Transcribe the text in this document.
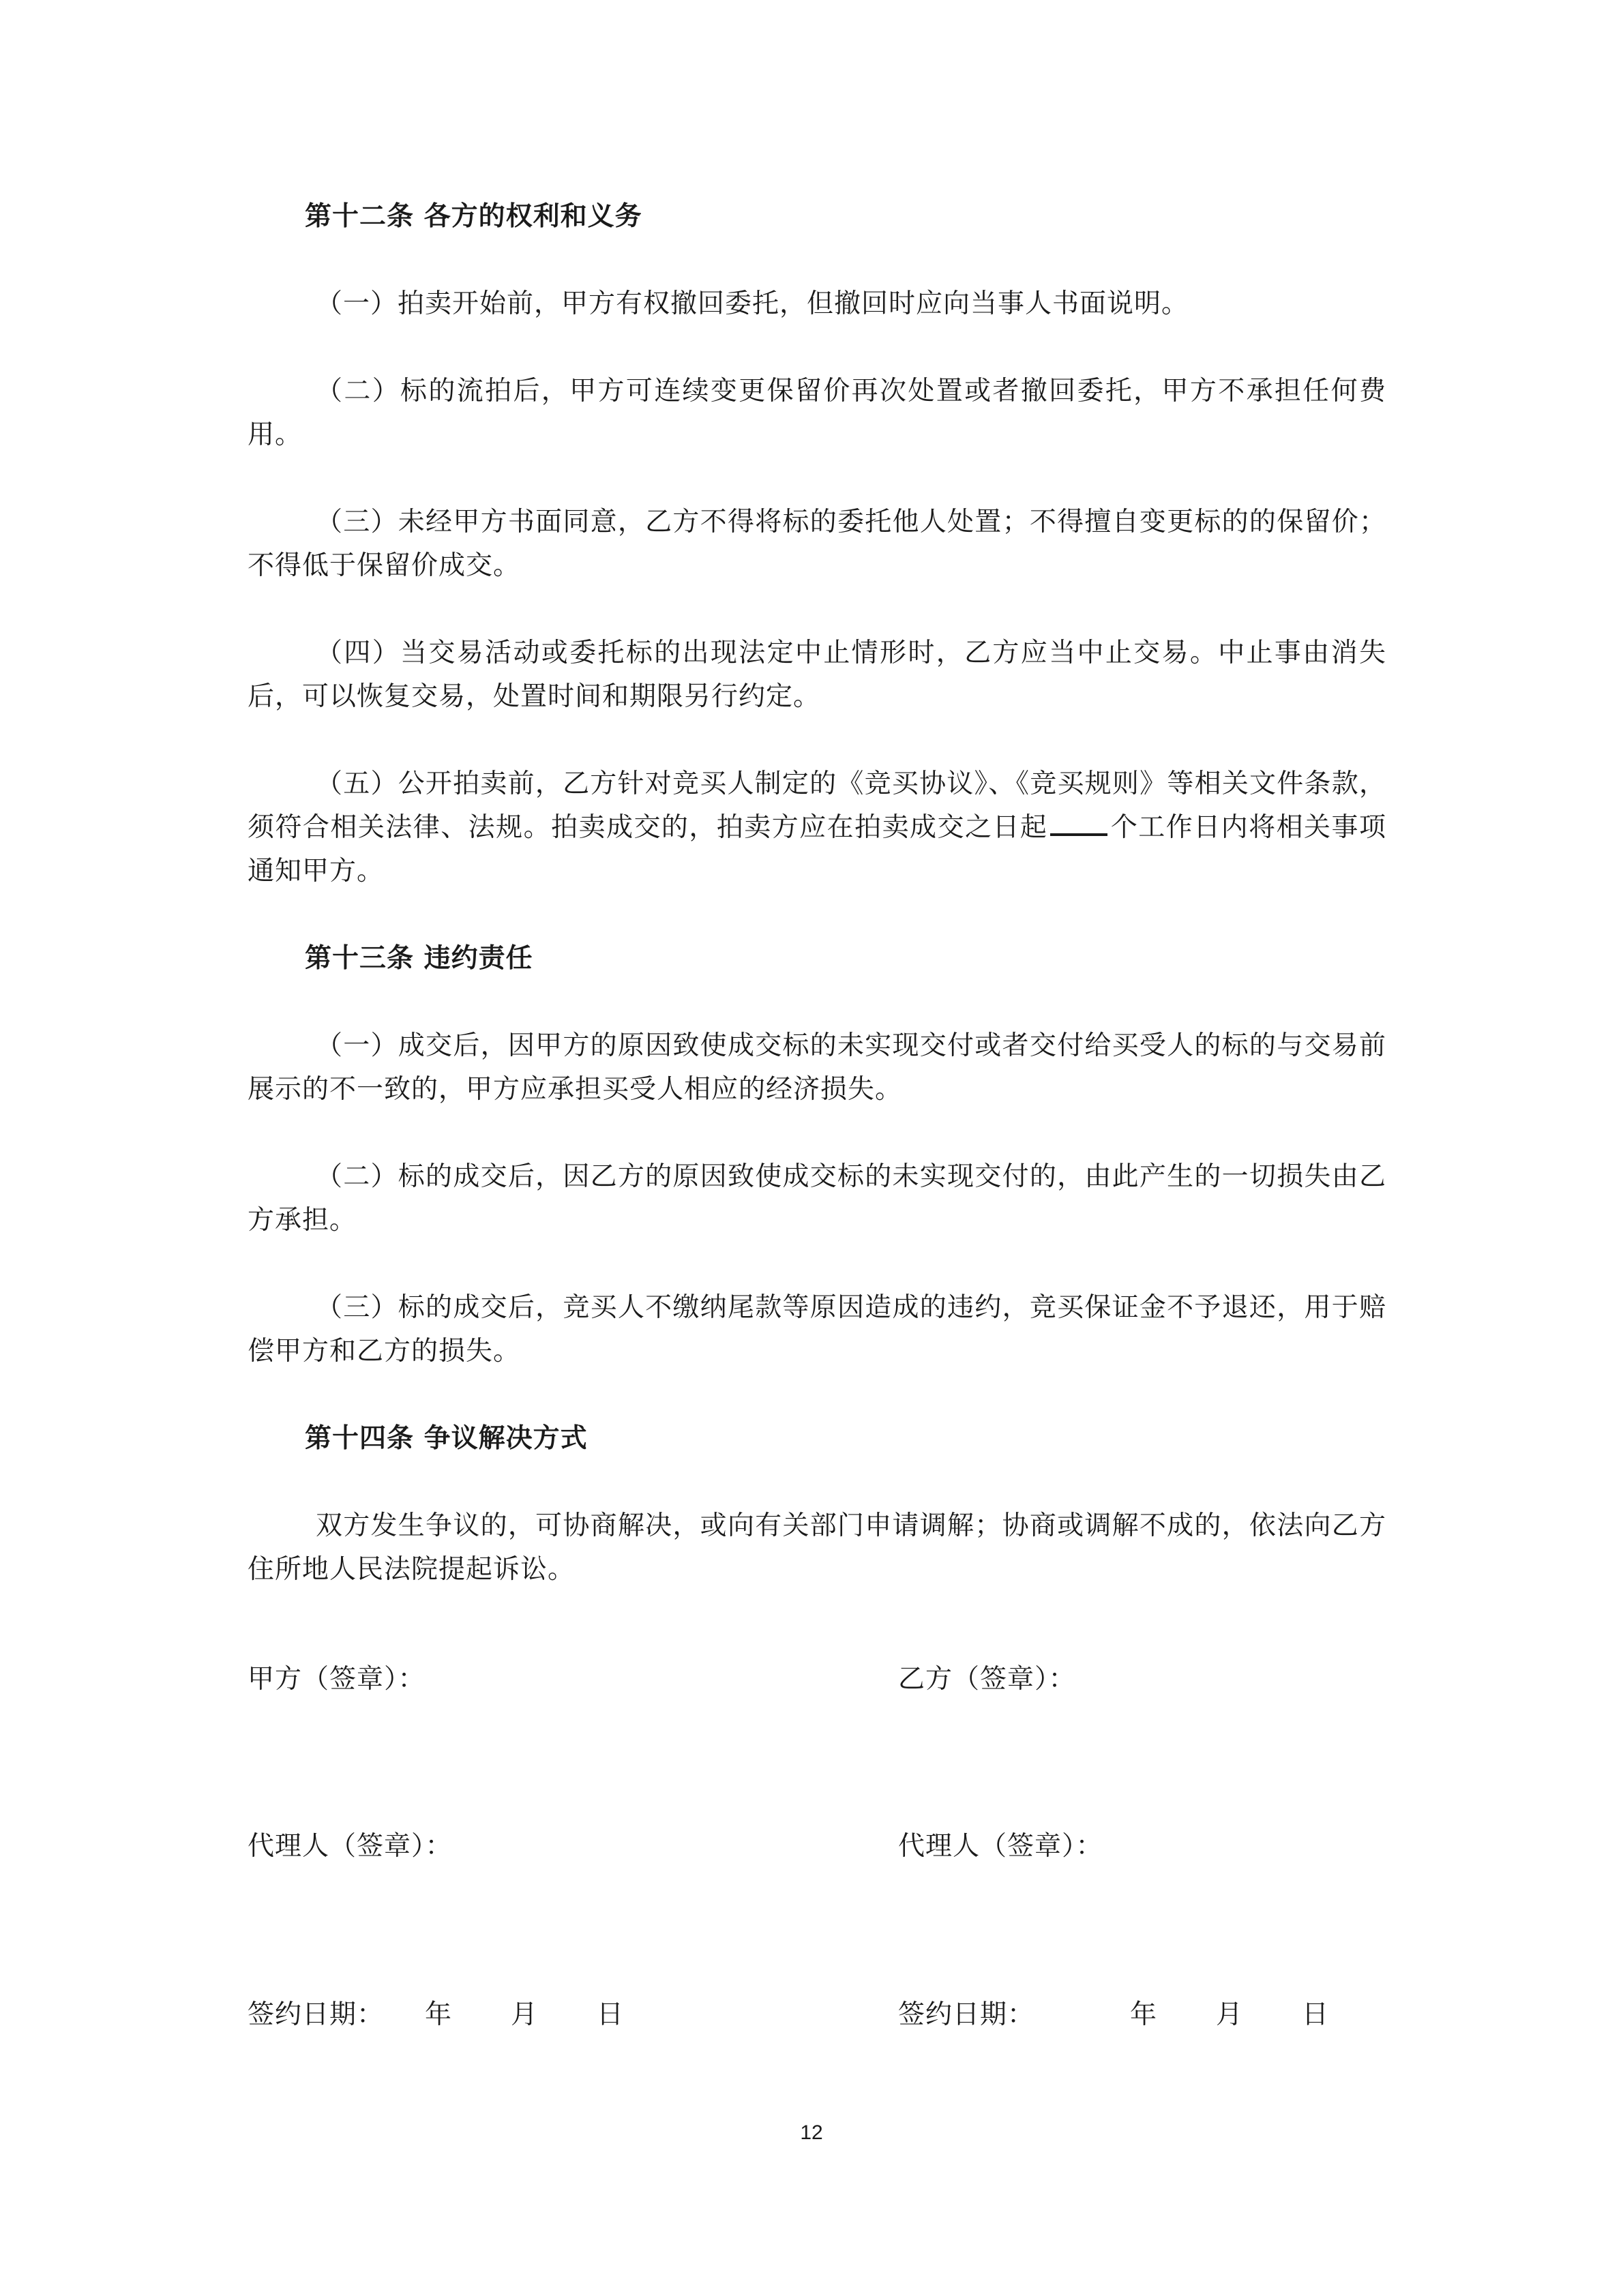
第十二条 各方的权利和义务

（一）拍卖开始前，甲方有权撤回委托，但撤回时应向当事人书面说明。

（二）标的流拍后，甲方可连续变更保留价再次处置或者撤回委托，甲方不承担任何费用。

（三）未经甲方书面同意，乙方不得将标的委托他人处置；不得擅自变更标的的保留价；不得低于保留价成交。

（四）当交易活动或委托标的出现法定中止情形时，乙方应当中止交易。中止事由消失后，可以恢复交易，处置时间和期限另行约定。

（五）公开拍卖前，乙方针对竞买人制定的《竞买协议》、《竞买规则》等相关文件条款，须符合相关法律、法规。拍卖成交的，拍卖方应在拍卖成交之日起 个工作日内将相关事项通知甲方。

第十三条 违约责任

（一）成交后，因甲方的原因致使成交标的未实现交付或者交付给买受人的标的与交易前展示的不一致的，甲方应承担买受人相应的经济损失。

（二）标的成交后，因乙方的原因致使成交标的未实现交付的，由此产生的一切损失由乙方承担。

（三）标的成交后，竞买人不缴纳尾款等原因造成的违约，竞买保证金不予退还，用于赔偿甲方和乙方的损失。

第十四条 争议解决方式

双方发生争议的，可协商解决，或向有关部门申请调解；协商或调解不成的，依法向乙方住所地人民法院提起诉讼。

甲方（签章）：	乙方（签章）：
代理人（签章）：	代理人（签章）：
签约日期： 年 月 日	签约日期：	年 月 日
12
